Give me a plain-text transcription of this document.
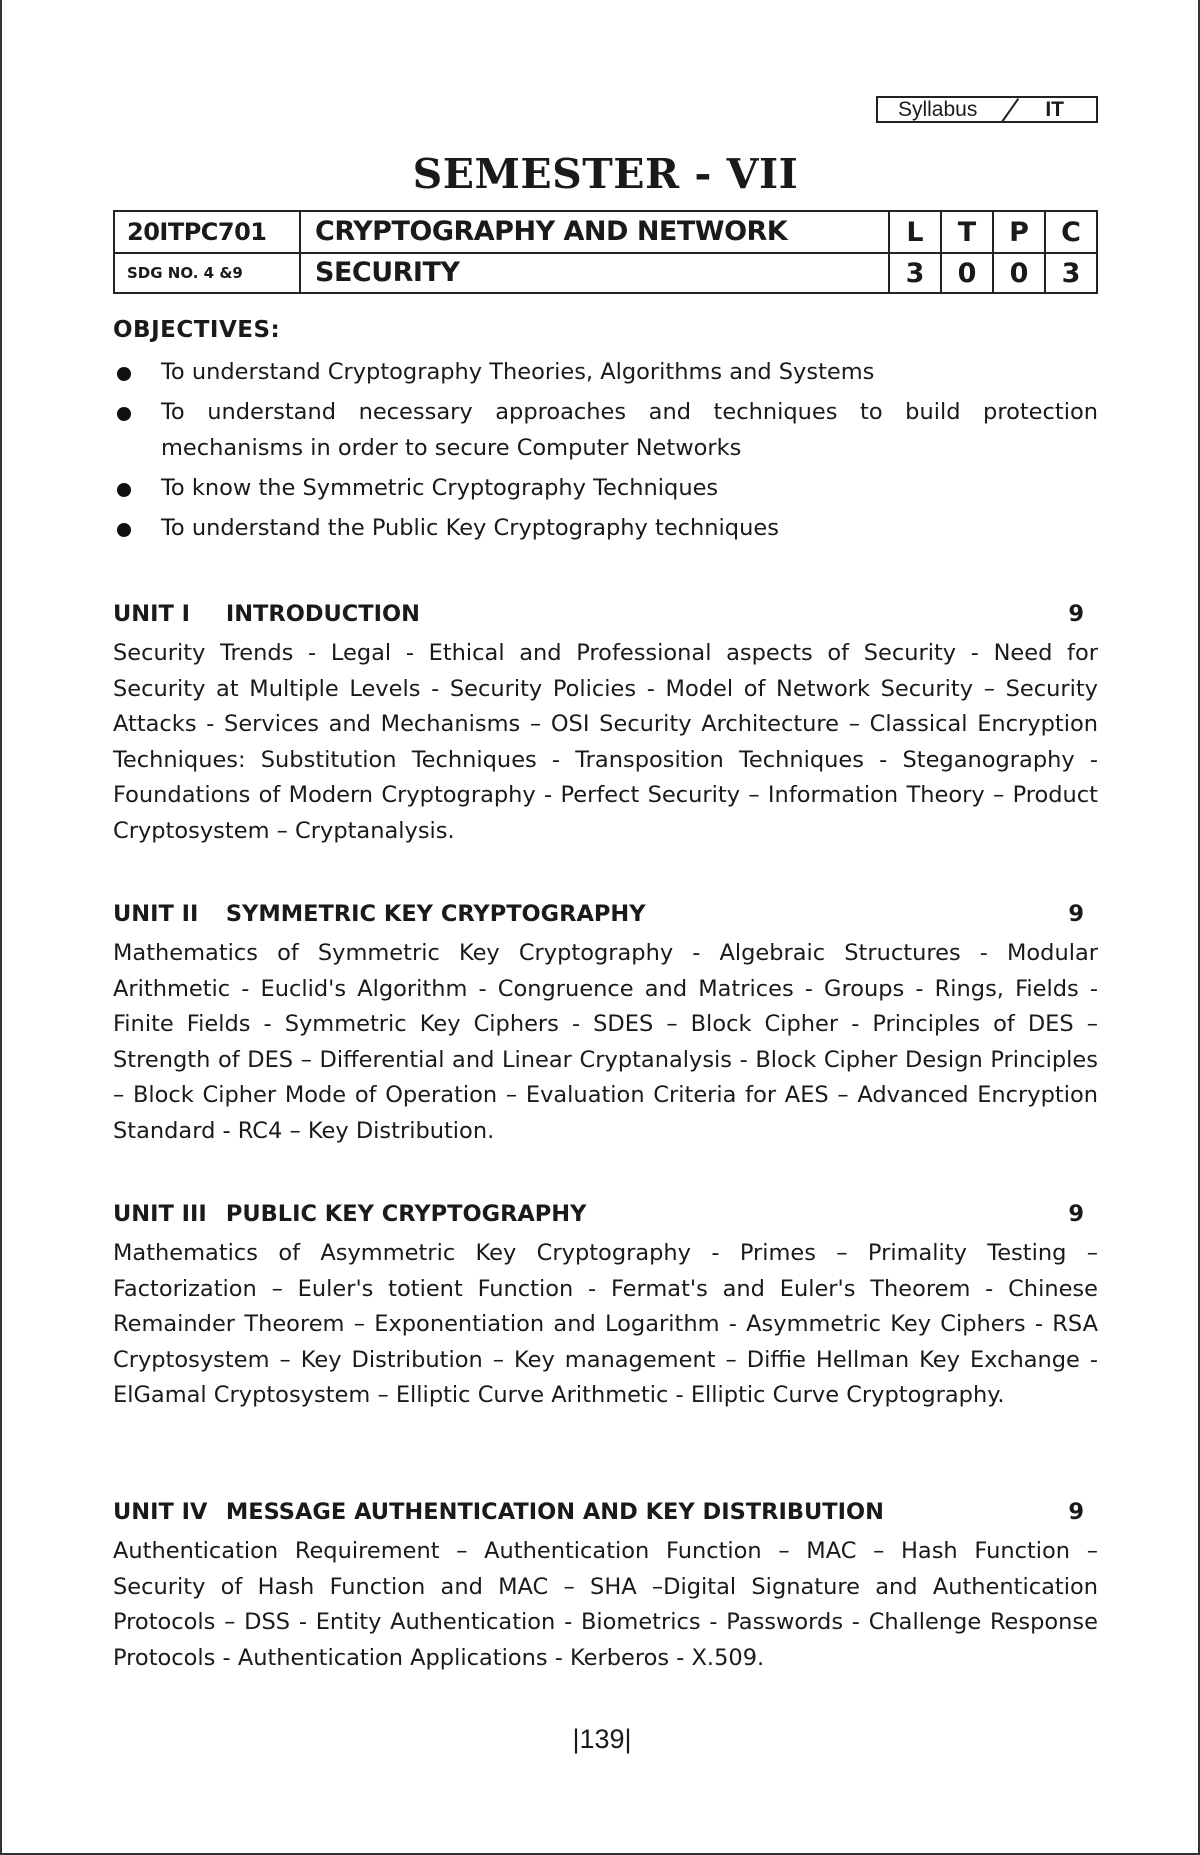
Syllabus	IT
SEMESTER - VII
20ITPC701	CRYPTOGRAPHY AND NETWORK	L	T	P	C

SDG NO. 4 &9	SECURITY	3	0	0	3
OBJECTIVES:
To understand Cryptography Theories, Algorithms and Systems
To understand necessary approaches and techniques to build protection mechanisms in order to secure Computer Networks
To know the Symmetric Cryptography Techniques
To understand the Public Key Cryptography techniques
UNIT I INTRODUCTION	9
Security Trends - Legal - Ethical and Professional aspects of Security - Need for Security at Multiple Levels - Security Policies - Model of Network Security – Security Attacks - Services and Mechanisms – OSI Security Architecture – Classical Encryption Techniques: Substitution Techniques - Transposition Techniques - Steganography - Foundations of Modern Cryptography - Perfect Security – Information Theory – Product Cryptosystem – Cryptanalysis.
UNIT II SYMMETRIC KEY CRYPTOGRAPHY	9
Mathematics of Symmetric Key Cryptography - Algebraic Structures - Modular Arithmetic - Euclid's Algorithm - Congruence and Matrices - Groups - Rings, Fields - Finite Fields - Symmetric Key Ciphers - SDES – Block Cipher - Principles of DES – Strength of DES – Differential and Linear Cryptanalysis - Block Cipher Design Principles – Block Cipher Mode of Operation – Evaluation Criteria for AES – Advanced Encryption Standard - RC4 – Key Distribution.
UNIT III PUBLIC KEY CRYPTOGRAPHY	9
Mathematics of Asymmetric Key Cryptography - Primes – Primality Testing – Factorization – Euler's totient Function - Fermat's and Euler's Theorem - Chinese Remainder Theorem – Exponentiation and Logarithm - Asymmetric Key Ciphers - RSA Cryptosystem – Key Distribution – Key management – Diffie Hellman Key Exchange - ElGamal Cryptosystem – Elliptic Curve Arithmetic - Elliptic Curve Cryptography.
UNIT IV MESSAGE AUTHENTICATION AND KEY DISTRIBUTION	9
Authentication Requirement – Authentication Function – MAC – Hash Function – Security of Hash Function and MAC – SHA –Digital Signature and Authentication Protocols – DSS - Entity Authentication - Biometrics - Passwords - Challenge Response Protocols - Authentication Applications - Kerberos - X.509.
|139|
